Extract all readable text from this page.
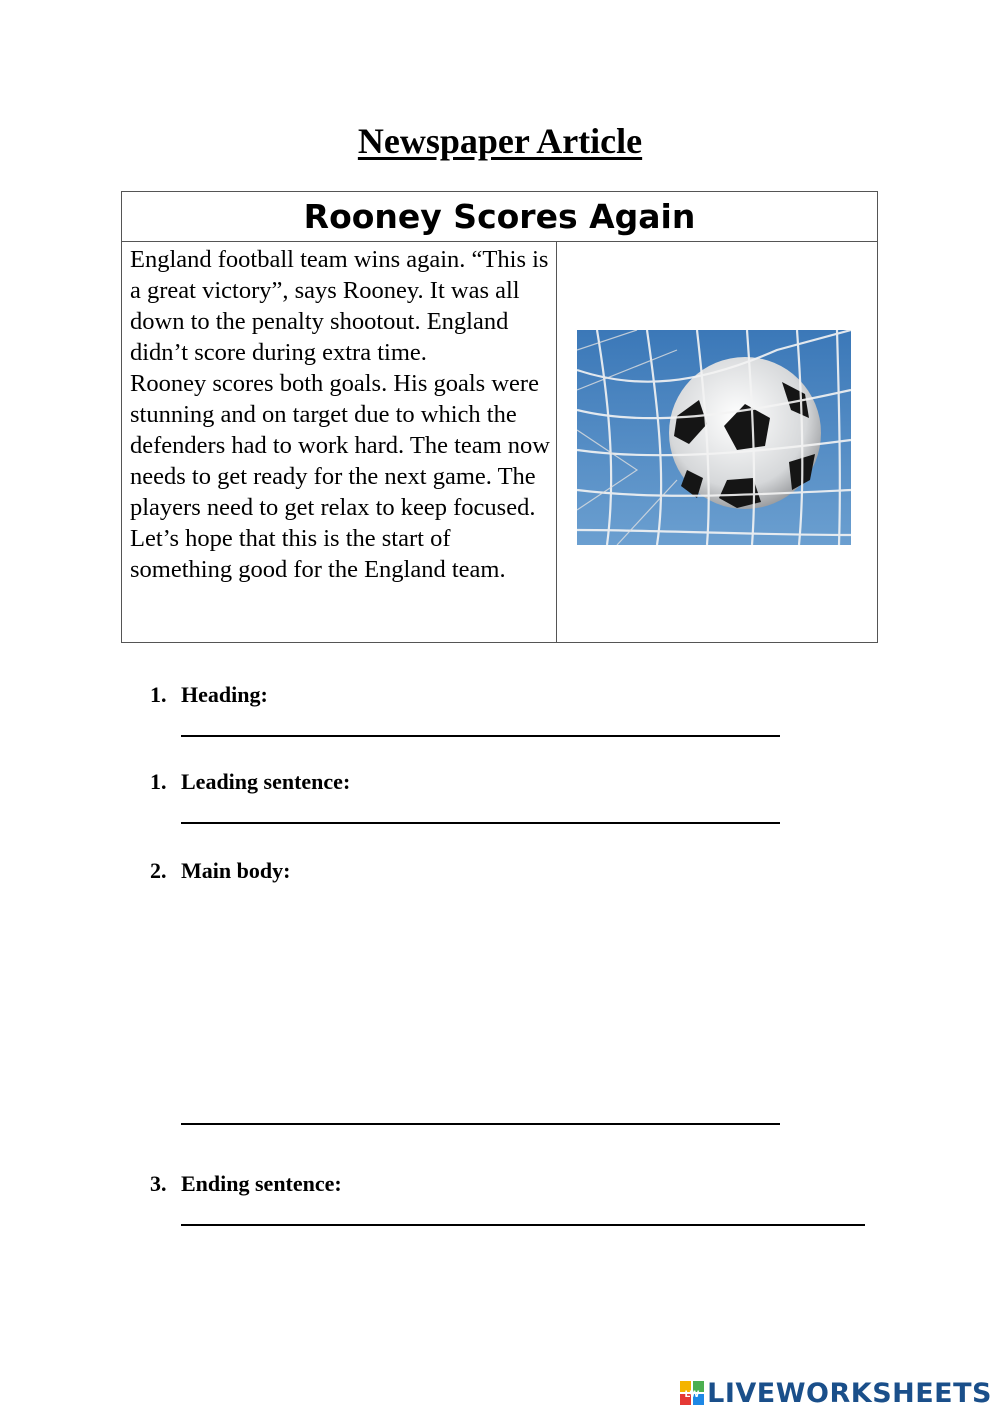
Newspaper Article
Rooney Scores Again

England football team wins again. “This is a great victory”, says Rooney. It was all down to the penalty shootout. England didn’t score during extra time.

Rooney scores both goals. His goals were stunning and on target due to which the defenders had to work hard. The team now needs to get ready for the next game. The players need to get relax to keep focused.

Let’s hope that this is the start of something good for the England team.

1. Heading:
1. Leading sentence:
2. Main body:
3. Ending sentence:
LW LIVEWORKSHEETS
